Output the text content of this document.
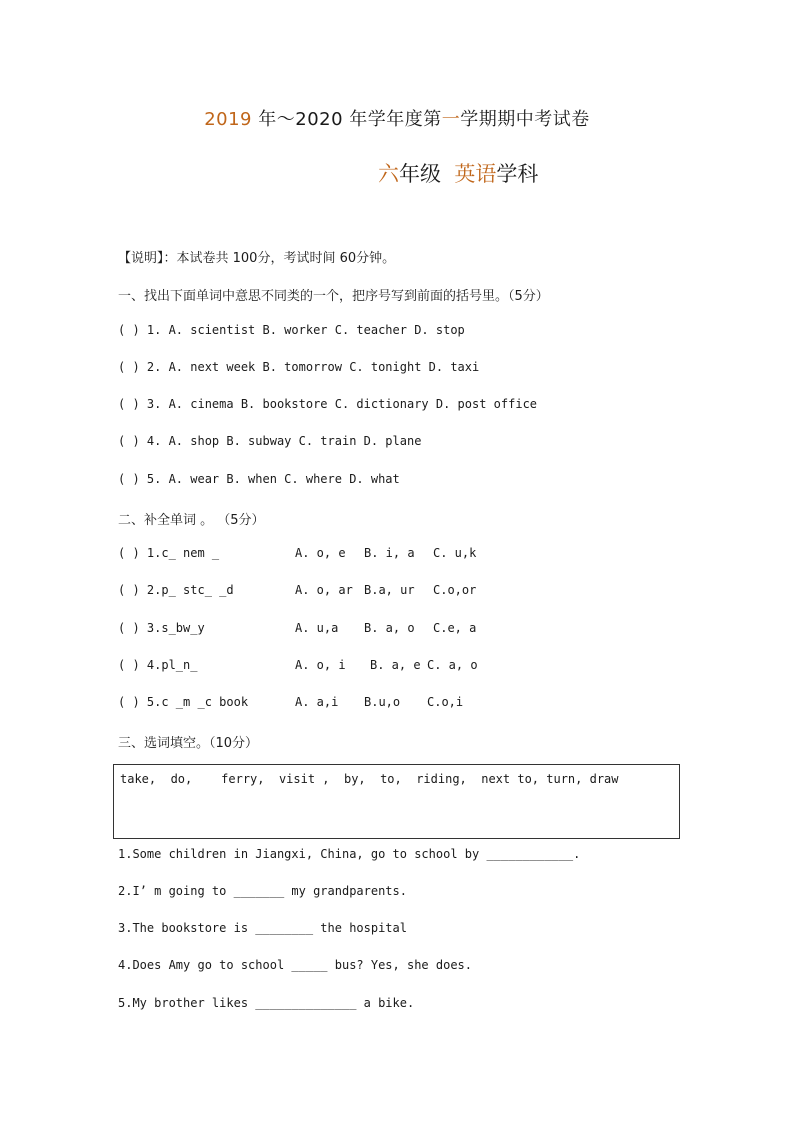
2019 年～2020 年学年度第一学期期中考试卷
六年级  英语学科
【说明】：本试卷共 100分，考试时间 60分钟。
一、找出下面单词中意思不同类的一个，把序号写到前面的括号里。（5分）
( ) 1. A. scientist B. worker C. teacher D. stop
( ) 2. A. next week B. tomorrow C. tonight D. taxi
( ) 3. A. cinema B. bookstore C. dictionary D. post office
( ) 4. A. shop B. subway C. train D. plane
( ) 5. A. wear B. when C. where D. what
二、补全单词 。 （5分）
( ) 1.c_ nem _	A. o, e B. i, a C. u,k
( ) 2.p_ stc_ _d	A. o, ar B.a, ur C.o,or
( ) 3.s_bw_y	A. u,a B. a, o C.e, a
( ) 4.pl_n_	A. o, i B. a, e C. a, o
( ) 5.c _m _c book	A. a,i B.u,o C.o,i
三、选词填空。（10分）
take,  do,    ferry,  visit ,  by,  to,  riding,  next to, turn, draw
1.Some children in Jiangxi, China, go to school by ____________.
2.I’ m going to _______ my grandparents.
3.The bookstore is ________ the hospital
4.Does Amy go to school _____ bus? Yes, she does.
5.My brother likes ______________ a bike.
